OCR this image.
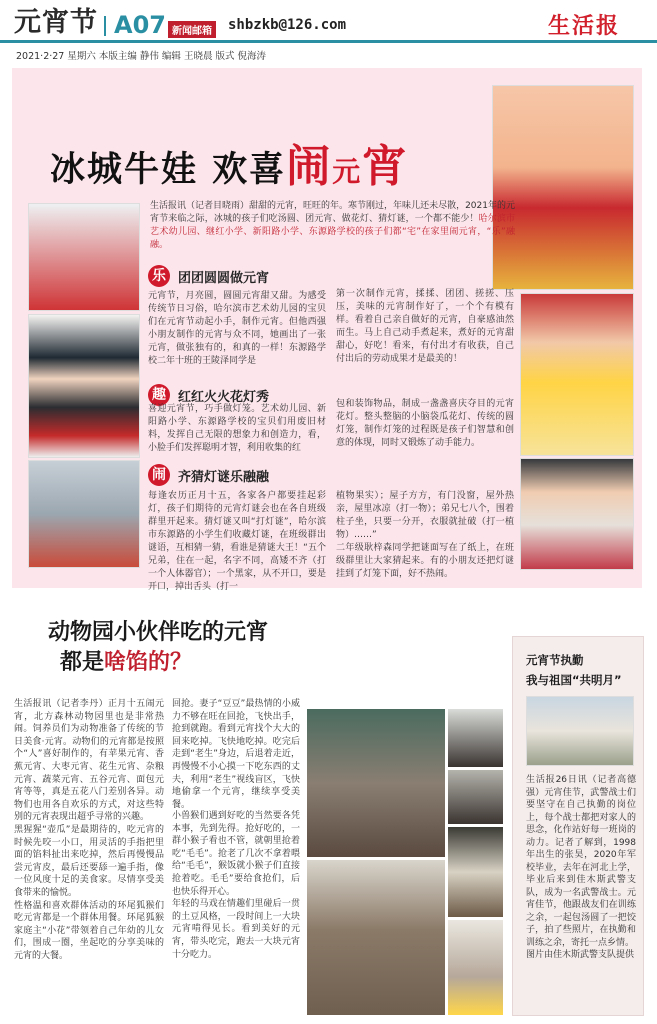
元宵节 A07 新闻邮箱 shbzkb@126.com	生活报
2021·2·27 星期六 本版主编 静伟 编辑 王晓晨 版式 倪海涛
冰城牛娃 欢喜闹元宵
生活报讯（记者目晓雨）甜甜的元宵，旺旺的年。寒节刚过，年味儿还未尽散，2021年的元宵节来临之际，冰城的孩子们吃汤圆、团元宵、做花灯、猜灯谜，一个都不能少！哈尔滨市艺术幼儿园、继红小学、新阳路小学、东源路学校的孩子们都“宅”在家里闹元宵，“乐”融融。
乐 团团圆圆做元宵
元宵节，月亮圆，圆圆元宵甜又甜。为感受传统节日习俗，哈尔滨市艺术幼儿园的宝贝们在元宵节动起小手，制作元宵。但他西强小朋友制作的元宵与众不同，她画出了一张元宵，做张独有的，和真的一样！东源路学校二年十班的王陵泽同学是
第一次制作元宵，揉揉、团团、搓搓、压压，美味的元宵制作好了，一个个有模有样。看着自己亲自做好的元宵，自豪感油然而生。马上自己动手煮起来，煮好的元宵甜甜心，好吃！看来，有付出才有收获，自己付出后的劳动成果才是最美的！
趣 红红火火花灯秀
喜迎元宵节，巧手做灯笼。艺术幼儿园、新阳路小学、东源路学校的宝贝们用废旧材料，发挥自己无限的想象力和创造力，看，小脸手们发挥聪明才智，利用收集的红
包和装饰物品，制成一盏盏喜庆夺目的元宵花灯。整头整脑的小脑袋瓜花灯、传统的圆灯笼，制作灯笼的过程既是孩子们智慧和创意的体现，同时又锻炼了动手能力。
闹 齐猜灯谜乐融融
每逢农历正月十五，各家各户都要挂起彩灯，孩子们期待的元宵灯谜会也在各自班级群里开起来。猜灯谜又叫“打灯谜”，哈尔滨市东源路的小学生们收藏灯谜，在班级群出谜语，互相猜一猜，看谁是猜谜大王！“五个兄弟，住在一起，名字不同，高矮不齐（打一个人体器官）；一个黑家，从不开口，要是开口，掉出舌头（打一
植物果实）；屋子方方，有门没窗，屋外热亲，屋里冰凉（打一物）；弟兄七八个，围着柱子坐，只要一分开，衣服就扯破（打一植物）……”
二年级耿梓森同学把谜面写在了纸上，在班级群里让大家猜起来。有的小朋友还把灯谜挂到了灯笼下面，好不热闹。
动物园小伙伴吃的元宵
都是啥馅的？
生活报讯（记者李丹）正月十五闹元宵，北方森林动物园里也是非常热闹。饲养员们为动物准备了传统的节日美食·元宵。动物们的元宵都是按照个“人”喜好制作的，有苹果元宵、香蕉元宵、大枣元宵、花生元宵、杂粮元宵、蔬菜元宵、五谷元宵、面包元宵等等，真是五花八门差别各异。动物们也用各自欢乐的方式，对这些特别的元宵表现出超乎寻常的兴趣。
黑猩猩“壶瓜”是最期待的，吃元宵的时候先咬一小口，用灵活的手指把里面的馅料扯出来吃掉，然后再慢慢品尝元宵皮，最后还要舔一遍手指，像一位风度十足的美食家。尽情享受美食带来的愉悦。
性格温和喜欢群体活动的环尾狐猴们吃元宵都是一个群体用餐。环尾狐猴家庭主“小花”带领着自己年幼的儿女们，围成一圈，坐起吃的分享美味的元宵的大餐。
回抢。妻子“豆豆”最热情的小威力不够在旺在回抢，飞快出手，抢到就跑。看到元宵找个大大的回来吃掉。飞快地吃掉。吃完后走到“老生”身边，后退着走近，再慢慢不小心摸一下吃东西的丈夫，利用“老生”视线盲区，飞快地偷拿一个元宵，继续享受美餐。
小兽猴们遇到好吃的当然要各凭本事，先到先得。抢好吃的，一群小猴子看也不管，就朝里抢着吃“毛毛”。抢老了几次不拿着喂给“毛毛”，猴饭就小猴子们直接抢着吃。毛毛”要给食抢们，后也快乐得开心。
年轻的马戏在情趣们里碰后一贯的土豆风格，一段时间上一大块元宵啃得见长。看到美好的元宵，带头吃完，跑去一大块元宵十分吃力。
元宵节执勤
我与祖国“共明月”
生活报26日讯（记者高德强）元宵佳节，武警战士们要坚守在自己执勤的岗位上，每个战士都把对家人的思念，化作站好每一班岗的动力。记者了解到，1998年出生的张昊，2020年军校毕业，去年在河北上学，毕业后来到佳木斯武警支队，成为一名武警战士。元宵佳节，他跟战友们在训练之余，一起包汤圆了一把饺子，拍了些照片，在执勤和训练之余，寄托一点乡情。
图片由佳木斯武警支队提供
